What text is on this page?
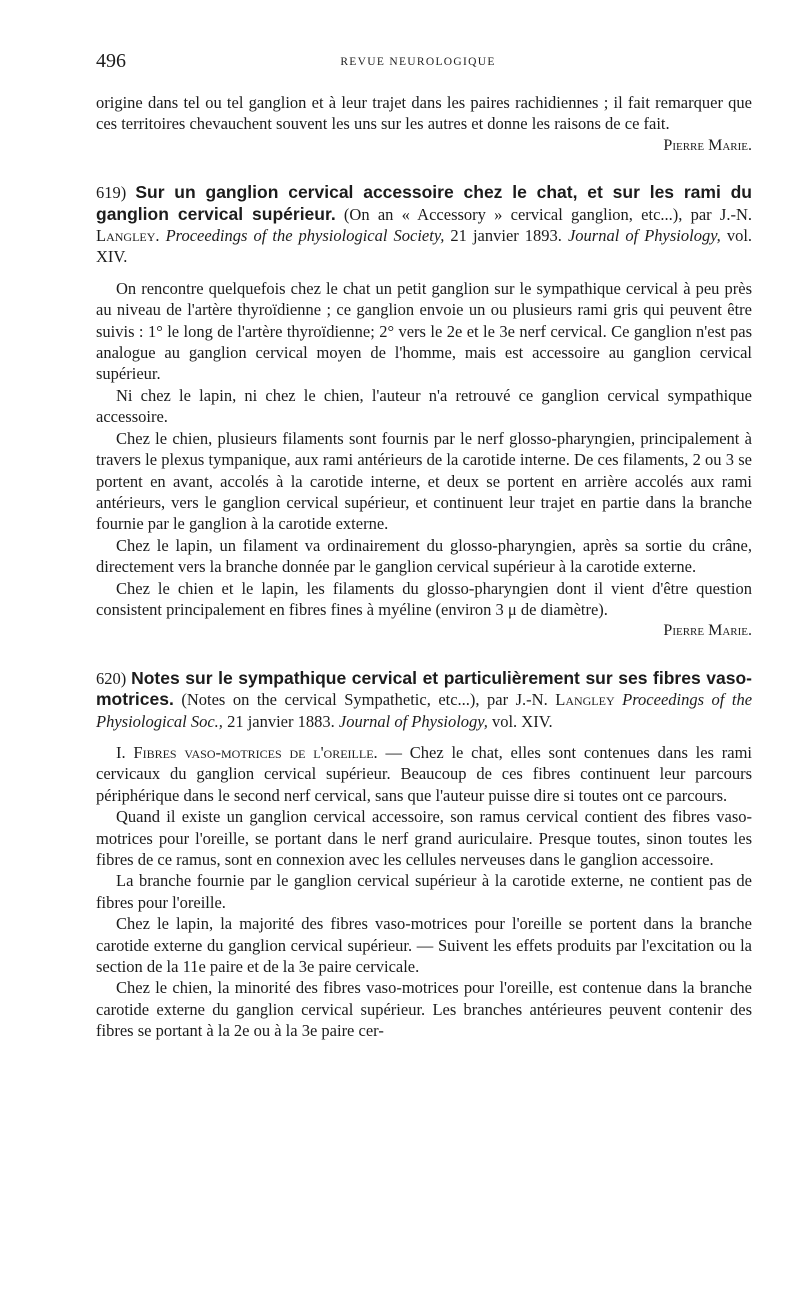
496	REVUE NEUROLOGIQUE

origine dans tel ou tel ganglion et à leur trajet dans les paires rachidiennes ; il fait remarquer que ces territoires chevauchent souvent les uns sur les autres et donne les raisons de ce fait.

Pierre Marie.
619) Sur un ganglion cervical accessoire chez le chat, et sur les rami du ganglion cervical supérieur. (On an « Accessory » cervical ganglion, etc...), par J.-N. Langley. Proceedings of the physiological Society, 21 janvier 1893. Journal of Physiology, vol. XIV.

On rencontre quelquefois chez le chat un petit ganglion sur le sympathique cervical à peu près au niveau de l'artère thyroïdienne ; ce ganglion envoie un ou plusieurs rami gris qui peuvent être suivis : 1° le long de l'artère thyroïdienne; 2° vers le 2e et le 3e nerf cervical. Ce ganglion n'est pas analogue au ganglion cervical moyen de l'homme, mais est accessoire au ganglion cervical supérieur.

Ni chez le lapin, ni chez le chien, l'auteur n'a retrouvé ce ganglion cervical sympathique accessoire.

Chez le chien, plusieurs filaments sont fournis par le nerf glosso-pharyngien, principalement à travers le plexus tympanique, aux rami antérieurs de la carotide interne. De ces filaments, 2 ou 3 se portent en avant, accolés à la carotide interne, et deux se portent en arrière accolés aux rami antérieurs, vers le ganglion cervical supérieur, et continuent leur trajet en partie dans la branche fournie par le ganglion à la carotide externe.

Chez le lapin, un filament va ordinairement du glosso-pharyngien, après sa sortie du crâne, directement vers la branche donnée par le ganglion cervical supérieur à la carotide externe.

Chez le chien et le lapin, les filaments du glosso-pharyngien dont il vient d'être question consistent principalement en fibres fines à myéline (environ 3 μ de diamètre).

Pierre Marie.
620) Notes sur le sympathique cervical et particulièrement sur ses fibres vaso-motrices. (Notes on the cervical Sympathetic, etc...), par J.-N. Langley Proceedings of the Physiological Soc., 21 janvier 1883. Journal of Physiology, vol. XIV.

I. Fibres vaso-motrices de l'oreille. — Chez le chat, elles sont contenues dans les rami cervicaux du ganglion cervical supérieur. Beaucoup de ces fibres continuent leur parcours périphérique dans le second nerf cervical, sans que l'auteur puisse dire si toutes ont ce parcours.

Quand il existe un ganglion cervical accessoire, son ramus cervical contient des fibres vaso-motrices pour l'oreille, se portant dans le nerf grand auriculaire. Presque toutes, sinon toutes les fibres de ce ramus, sont en connexion avec les cellules nerveuses dans le ganglion accessoire.

La branche fournie par le ganglion cervical supérieur à la carotide externe, ne contient pas de fibres pour l'oreille.

Chez le lapin, la majorité des fibres vaso-motrices pour l'oreille se portent dans la branche carotide externe du ganglion cervical supérieur. — Suivent les effets produits par l'excitation ou la section de la 11e paire et de la 3e paire cervicale.

Chez le chien, la minorité des fibres vaso-motrices pour l'oreille, est contenue dans la branche carotide externe du ganglion cervical supérieur. Les branches antérieures peuvent contenir des fibres se portant à la 2e ou à la 3e paire cer-
